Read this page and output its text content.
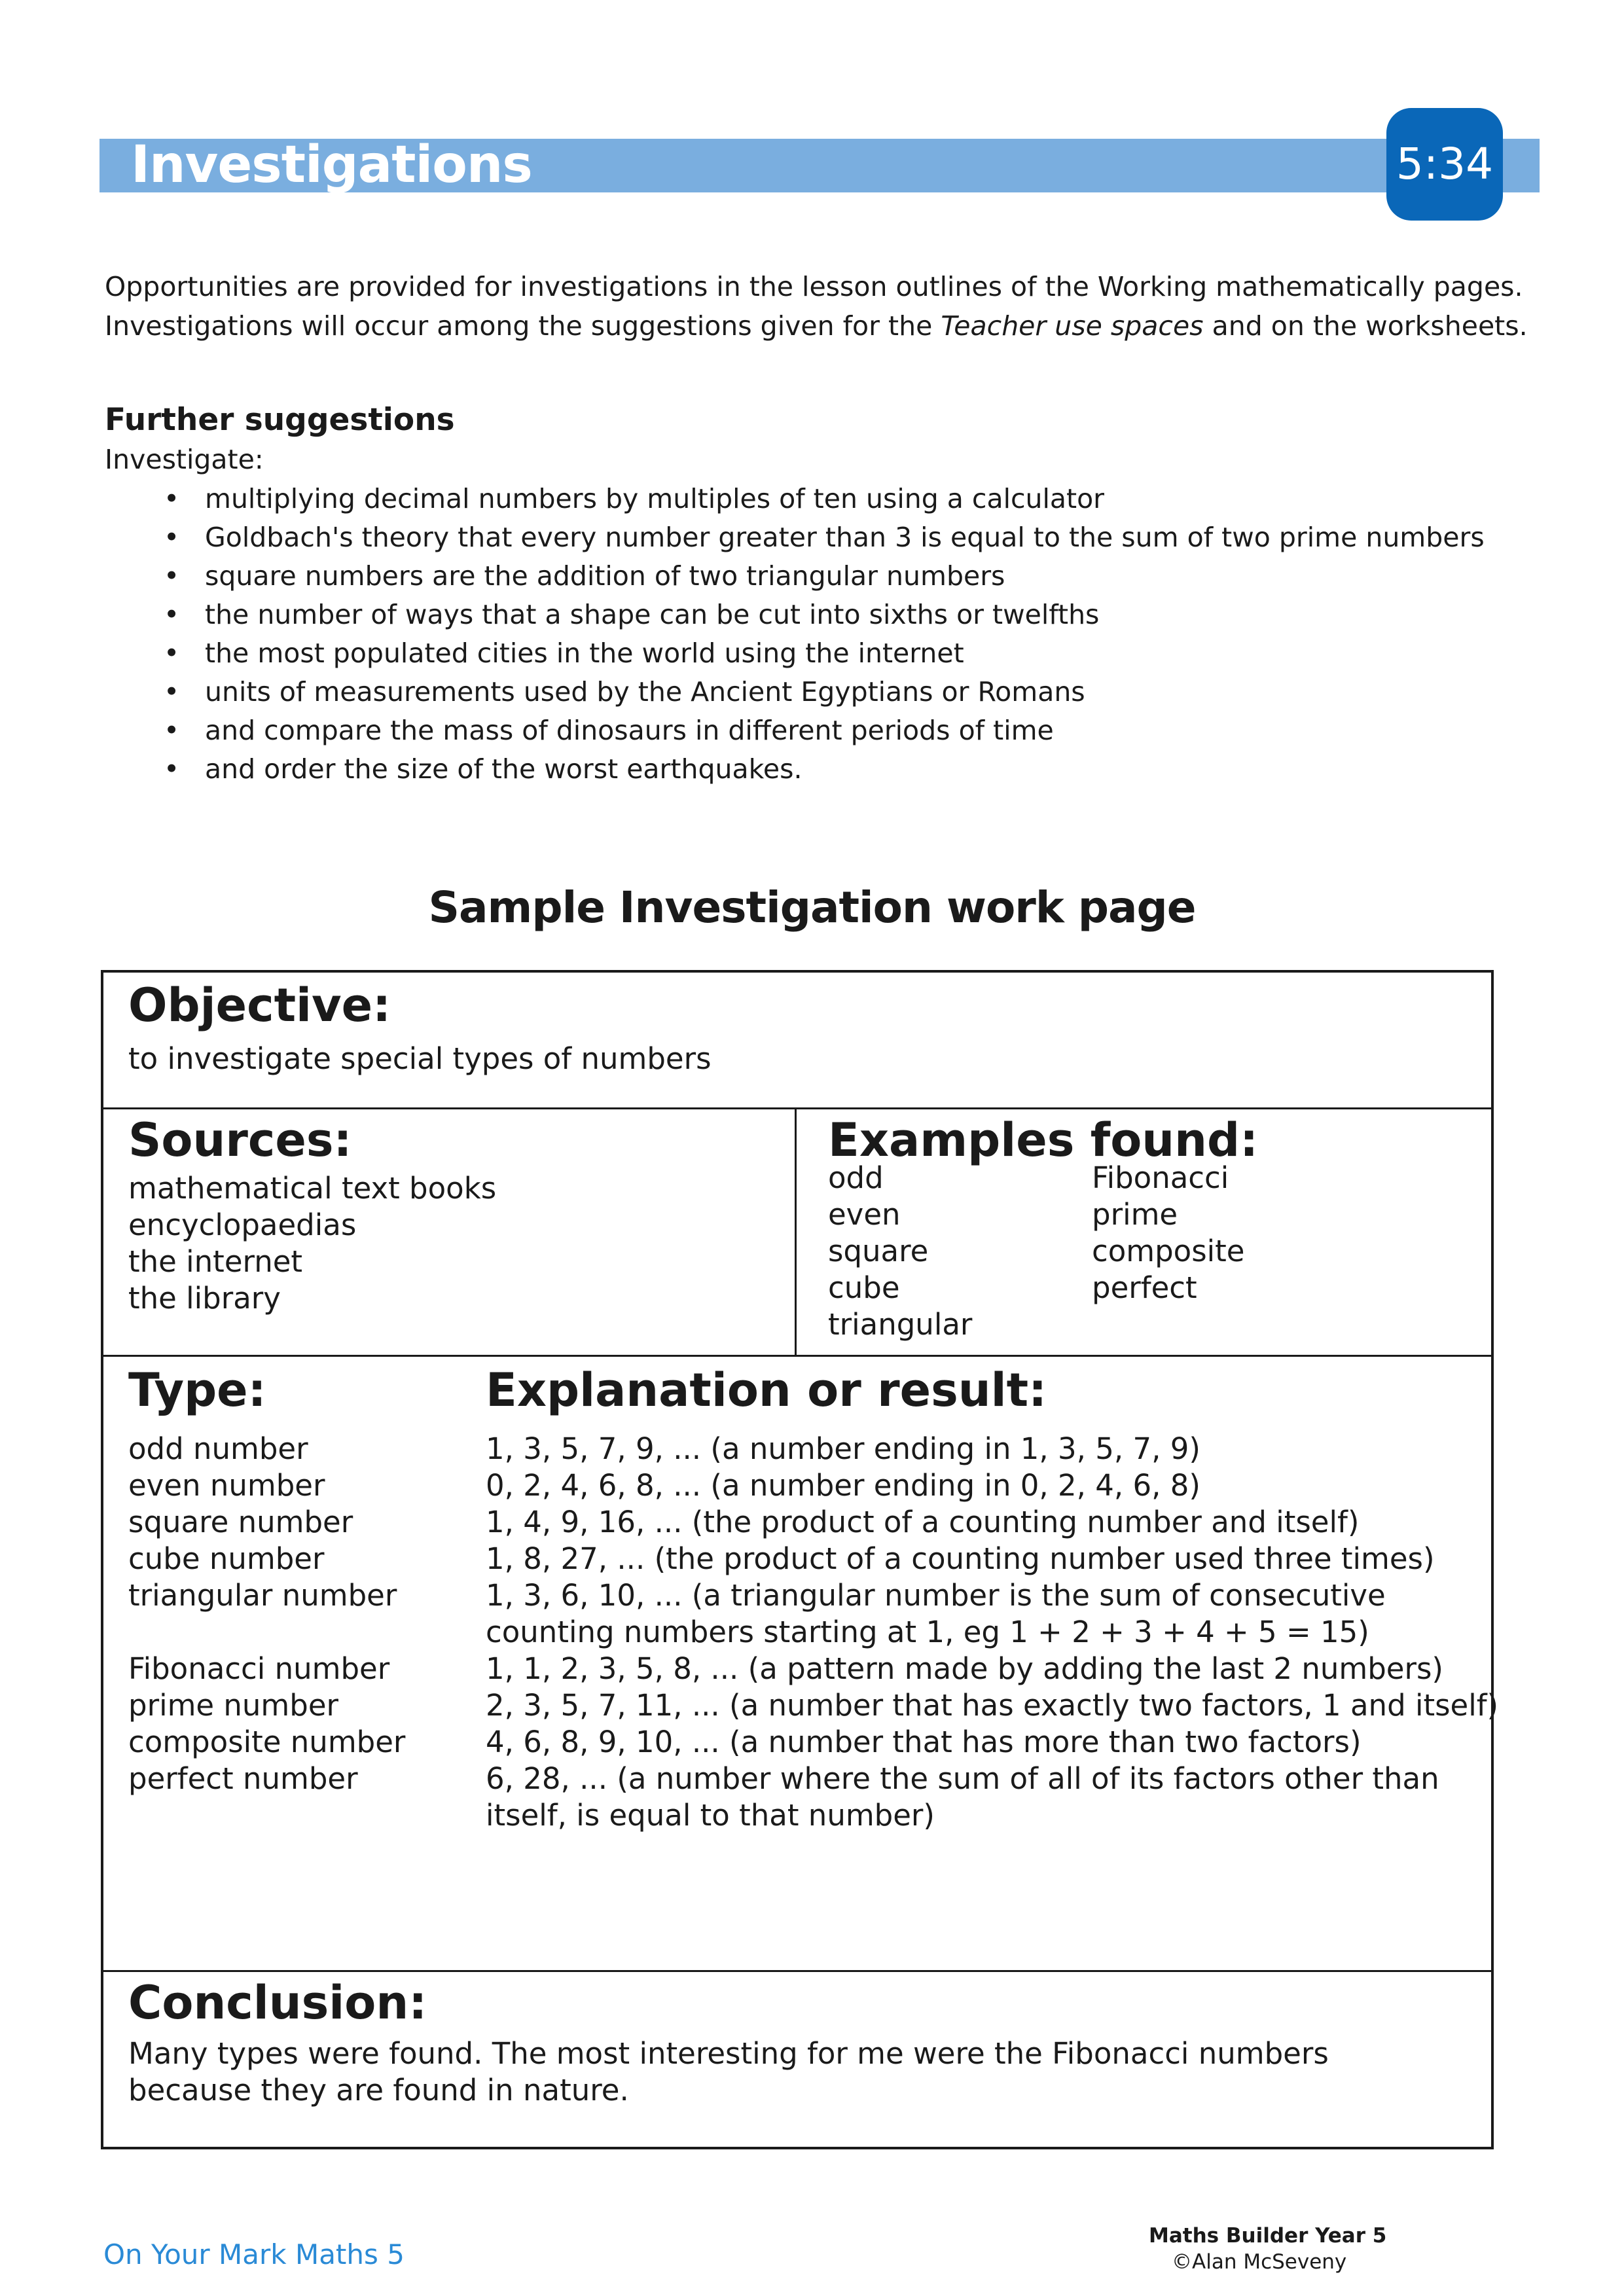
Investigations	5:34

Opportunities are provided for investigations in the lesson outlines of the Working mathematically pages.

Investigations will occur among the suggestions given for the Teacher use spaces and on the worksheets.

Further suggestions
Investigate:
• multiplying decimal numbers by multiples of ten using a calculator
• Goldbach's theory that every number greater than 3 is equal to the sum of two prime numbers
• square numbers are the addition of two triangular numbers
• the number of ways that a shape can be cut into sixths or twelfths
• the most populated cities in the world using the internet
• units of measurements used by the Ancient Egyptians or Romans
• and compare the mass of dinosaurs in different periods of time
• and order the size of the worst earthquakes.
Sample Investigation work page
Objective:
to investigate special types of numbers
Sources:
mathematical text books
encyclopaedias
the internet
the library
Examples found:
odd
even
square
cube
triangular
Fibonacci
prime
composite
perfect
Type:	Explanation or result:
odd number
even number
square number
cube number
triangular number
Fibonacci number
prime number
composite number
perfect number
1, 3, 5, 7, 9, ... (a number ending in 1, 3, 5, 7, 9)
0, 2, 4, 6, 8, ... (a number ending in 0, 2, 4, 6, 8)
1, 4, 9, 16, ... (the product of a counting number and itself)
1, 8, 27, ... (the product of a counting number used three times)
1, 3, 6, 10, ... (a triangular number is the sum of consecutive
counting numbers starting at 1, eg 1 + 2 + 3 + 4 + 5 = 15)
1, 1, 2, 3, 5, 8, ... (a pattern made by adding the last 2 numbers)
2, 3, 5, 7, 11, ... (a number that has exactly two factors, 1 and itself)
4, 6, 8, 9, 10, ... (a number that has more than two factors)
6, 28, ... (a number where the sum of all of its factors other than
itself, is equal to that number)
Conclusion:
Many types were found. The most interesting for me were the Fibonacci numbers
because they are found in nature.
On Your Mark Maths 5
Maths Builder Year 5
©Alan McSeveny
